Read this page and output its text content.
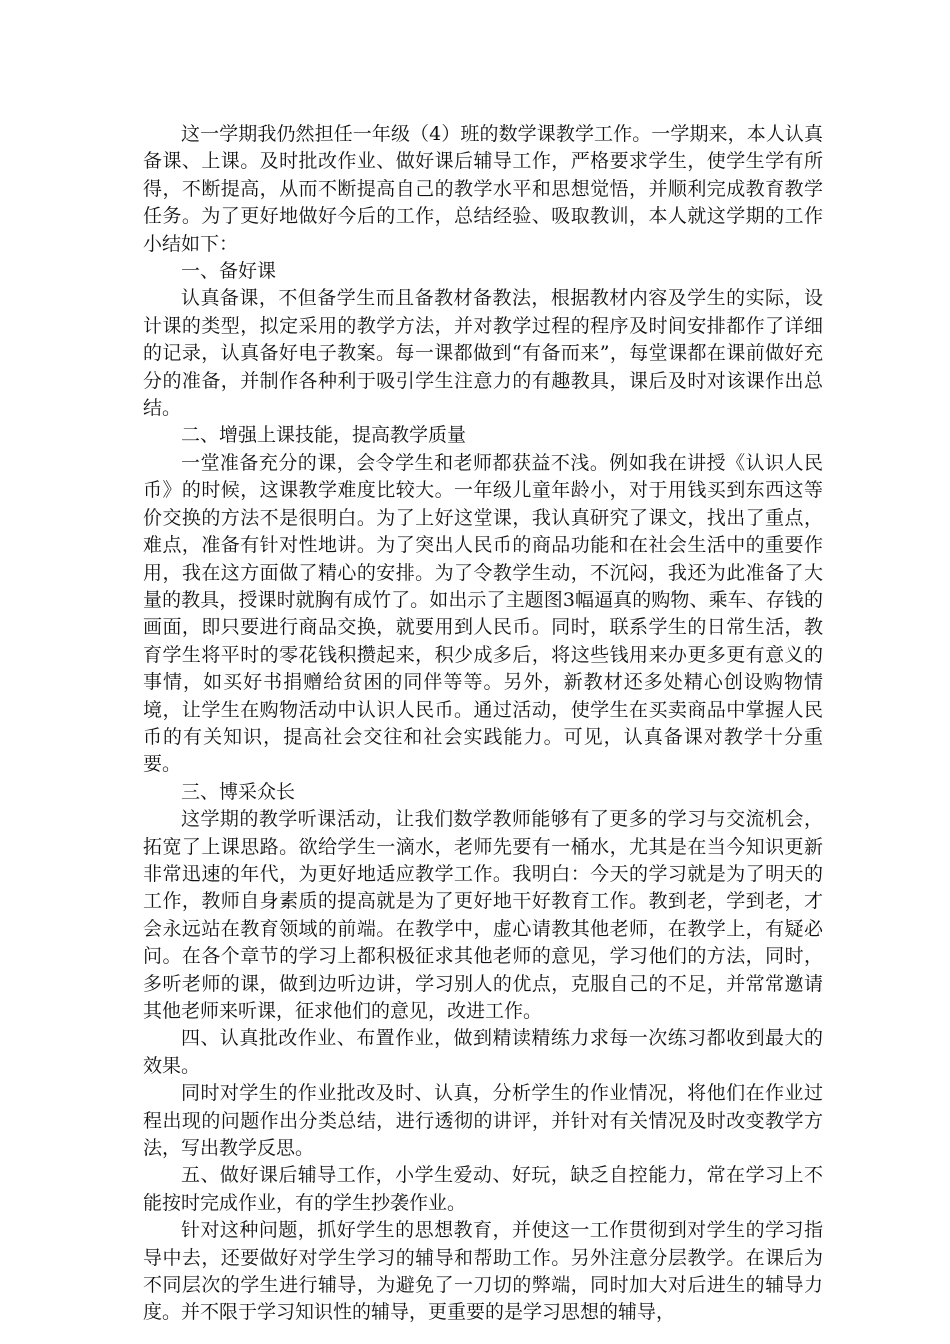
这一学期我仍然担任一年级（4）班的数学课教学工作。一学期来，本人认真备课、上课。及时批改作业、做好课后辅导工作，严格要求学生，使学生学有所得，不断提高，从而不断提高自己的教学水平和思想觉悟，并顺利完成教育教学任务。为了更好地做好今后的工作，总结经验、吸取教训，本人就这学期的工作小结如下：

一、备好课

认真备课，不但备学生而且备教材备教法，根据教材内容及学生的实际，设计课的类型，拟定采用的教学方法，并对教学过程的程序及时间安排都作了详细的记录，认真备好电子教案。每一课都做到“有备而来”，每堂课都在课前做好充分的准备，并制作各种利于吸引学生注意力的有趣教具，课后及时对该课作出总结。

二、增强上课技能，提高教学质量

一堂准备充分的课，会令学生和老师都获益不浅。例如我在讲授《认识人民币》的时候，这课教学难度比较大。一年级儿童年龄小，对于用钱买到东西这等价交换的方法不是很明白。为了上好这堂课，我认真研究了课文，找出了重点，难点，准备有针对性地讲。为了突出人民币的商品功能和在社会生活中的重要作用，我在这方面做了精心的安排。为了令教学生动，不沉闷，我还为此准备了大量的教具，授课时就胸有成竹了。如出示了主题图3幅逼真的购物、乘车、存钱的画面，即只要进行商品交换，就要用到人民币。同时，联系学生的日常生活，教育学生将平时的零花钱积攒起来，积少成多后，将这些钱用来办更多更有意义的事情，如买好书捐赠给贫困的同伴等等。另外，新教材还多处精心创设购物情境，让学生在购物活动中认识人民币。通过活动，使学生在买卖商品中掌握人民币的有关知识，提高社会交往和社会实践能力。可见，认真备课对教学十分重要。

三、博采众长

这学期的教学听课活动，让我们数学教师能够有了更多的学习与交流机会，拓宽了上课思路。欲给学生一滴水，老师先要有一桶水，尤其是在当今知识更新非常迅速的年代，为更好地适应教学工作。我明白：今天的学习就是为了明天的工作，教师自身素质的提高就是为了更好地干好教育工作。教到老，学到老，才会永远站在教育领域的前端。在教学中，虚心请教其他老师，在教学上，有疑必问。在各个章节的学习上都积极征求其他老师的意见，学习他们的方法，同时，多听老师的课，做到边听边讲，学习别人的优点，克服自己的不足，并常常邀请其他老师来听课，征求他们的意见，改进工作。

四、认真批改作业、布置作业，做到精读精练力求每一次练习都收到最大的效果。

同时对学生的作业批改及时、认真，分析学生的作业情况，将他们在作业过程出现的问题作出分类总结，进行透彻的讲评，并针对有关情况及时改变教学方法，写出教学反思。

五、做好课后辅导工作，小学生爱动、好玩，缺乏自控能力，常在学习上不能按时完成作业，有的学生抄袭作业。

针对这种问题，抓好学生的思想教育，并使这一工作贯彻到对学生的学习指导中去，还要做好对学生学习的辅导和帮助工作。另外注意分层教学。在课后为不同层次的学生进行辅导，为避免了一刀切的弊端，同时加大对后进生的辅导力度。并不限于学习知识性的辅导，更重要的是学习思想的辅导，
